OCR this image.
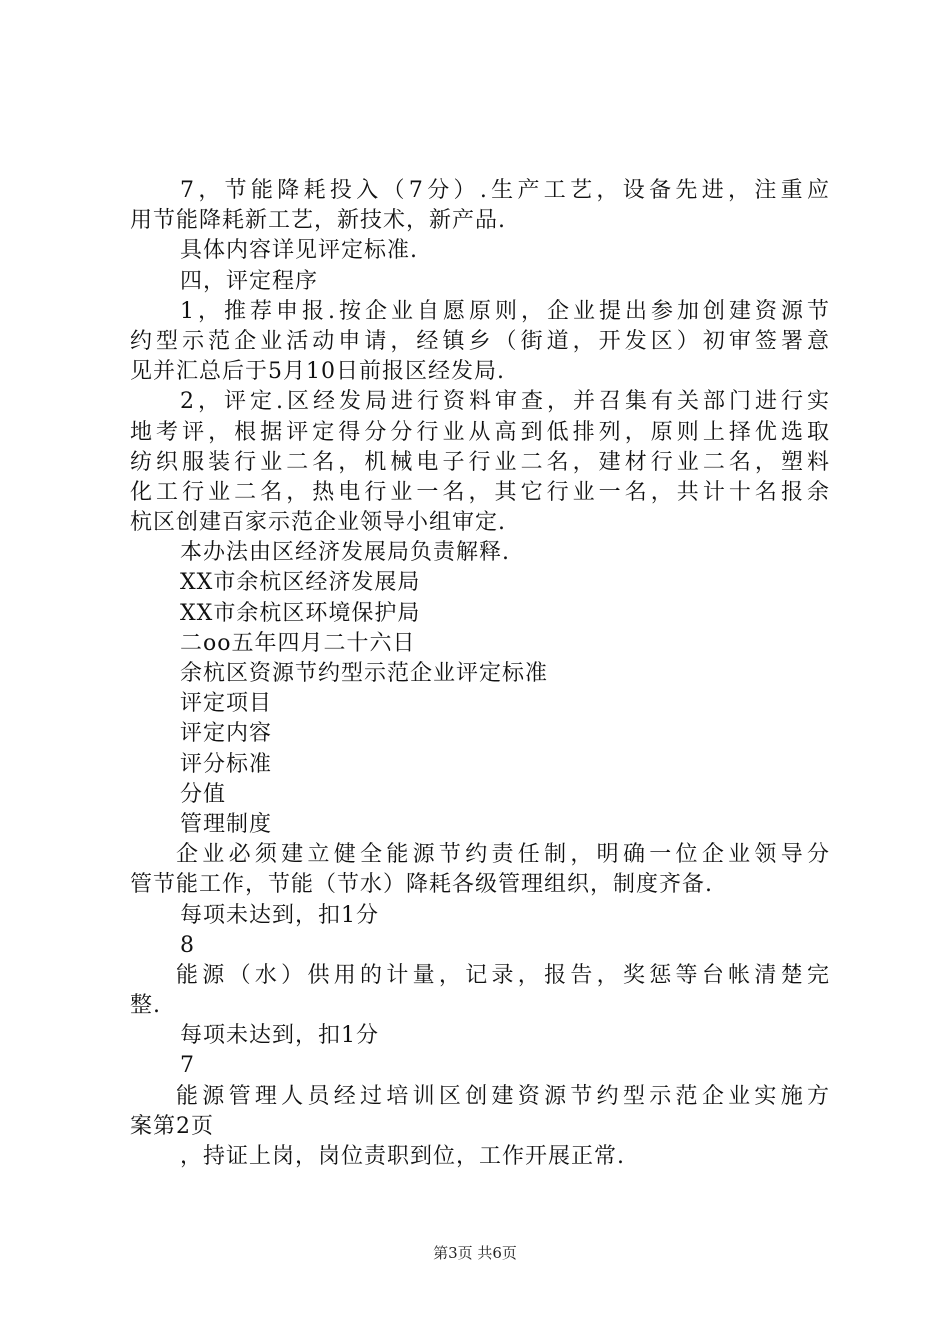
7，节能降耗投入（7分）.生产工艺，设备先进，注重应
用节能降耗新工艺，新技术，新产品.
具体内容详见评定标准.
四，评定程序
1，推荐申报.按企业自愿原则，企业提出参加创建资源节
约型示范企业活动申请，经镇乡（街道，开发区）初审签署意
见并汇总后于5月10日前报区经发局.
2，评定.区经发局进行资料审查，并召集有关部门进行实
地考评，根据评定得分分行业从高到低排列，原则上择优选取
纺织服装行业二名，机械电子行业二名，建材行业二名，塑料
化工行业二名，热电行业一名，其它行业一名，共计十名报余
杭区创建百家示范企业领导小组审定.
本办法由区经济发展局负责解释.
XX市余杭区经济发展局
XX市余杭区环境保护局
二oo五年四月二十六日
余杭区资源节约型示范企业评定标准
评定项目
评定内容
评分标准
分值
管理制度
企业必须建立健全能源节约责任制，明确一位企业领导分
管节能工作，节能（节水）降耗各级管理组织，制度齐备.
每项未达到，扣1分
8
能源（水）供用的计量，记录，报告，奖惩等台帐清楚完
整.
每项未达到，扣1分
7
能源管理人员经过培训区创建资源节约型示范企业实施方
案第2页
，持证上岗，岗位责职到位，工作开展正常.
第3页 共6页
